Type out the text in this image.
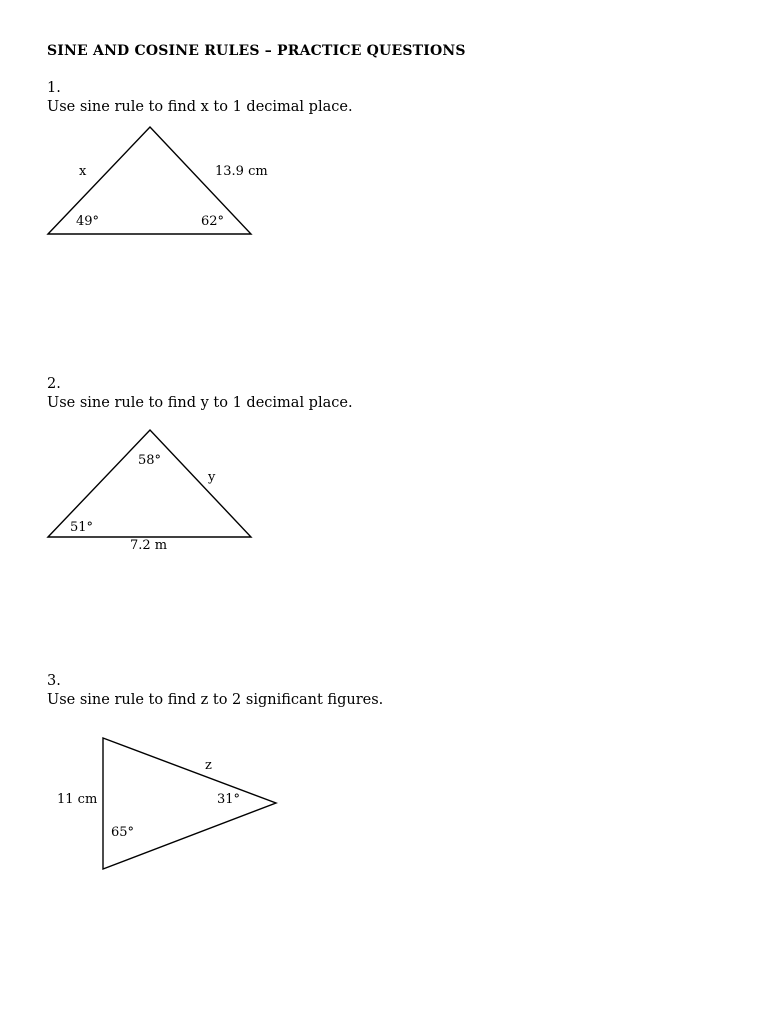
SINE AND COSINE RULES – PRACTICE QUESTIONS
1.
Use sine rule to find x to 1 decimal place.
x	13.9 cm
49°	62°
2.
Use sine rule to find y to 1 decimal place.
58°
y
51°
7.2 m
3.
Use sine rule to find z to 2 significant figures.
z
31°
11 cm
65°
